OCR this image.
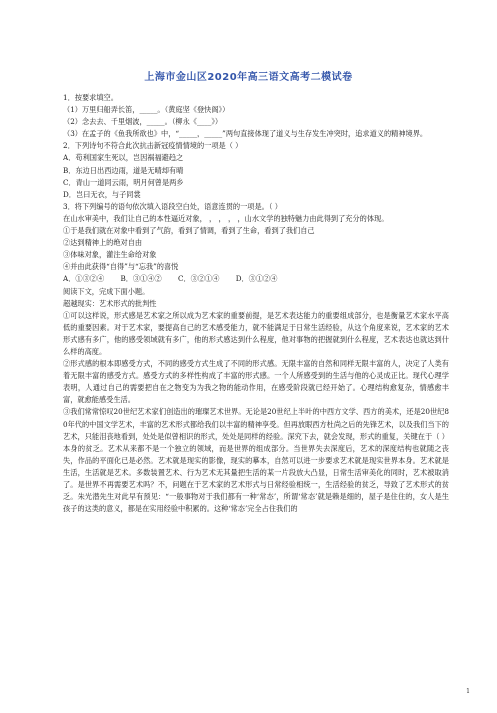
上海市金山区2020年高三语文高考二模试卷
1．按要求填空。
（1）万里归船弄长笛，_____。（黄庭坚《登快阁》）
（2）念去去、千里烟波，_____。（柳永《____》）
（3）在孟子的《鱼我所欲也》中，“_____，_____”两句直接体现了道义与生存发生冲突时，追求道义的精神境界。
2．下列诗句不符合此次抗击新冠疫情情境的一项是（ ）
A．苟利国家生死以，岂因祸福避趋之
B．东边日出西边雨，道是无晴却有晴
C．青山一道同云雨，明月何曾是两乡
D．岂曰无衣，与子同裳
3．将下列编号的语句依次填入语段空白处，语意连贯的一项是。（ ）
在山水审美中，我们让自己的本性逼近对象， ， ， ， ，山水文学的独特魅力由此得到了充分的体现。
①于是我们就在对象中看到了气韵，看到了情调，看到了生命，看到了我们自己
②达到精神上的绝对自由
③体味对象，灌注生命给对象
④并由此获得“自得”与“忘我”的喜悦
A．①③②④ B．③①④② C．③②①④ D．③①②④
阅读下文，完成下面小题。
超越现实：艺术形式的批判性
①可以这样说，形式感是艺术家之所以成为艺术家的重要前提，是艺术表达能力的重要组成部分，也是衡量艺术家水平高低的重要因素。对于艺术家，要提高自己的艺术感受能力，就不能满足于日常生活经验，从这个角度来说，艺术家的艺术形式感有多广，他的感受领域就有多广，他的形式感达到什么程度，他对事物的把握就到什么程度，艺术表达也就达到什么样的高度。
②形式感的根本即感受方式，不同的感受方式生成了不同的形式感。无限丰富的自然和同样无限丰富的人，决定了人类有着无限丰富的感受方式。感受方式的多样性构成了丰富的形式感。一个人所感受到的生活与他的心灵成正比。现代心理学表明，人通过自己的需要把自在之物变为为我之物的能动作用，在感受阶段就已经开始了。心理结构愈复杂，情感愈丰富，就愈能感受生活。
③我们常常惊叹20世纪艺术家们创造出的璀璨艺术世界。无论是20世纪上半叶的中西方文学、西方的美术，还是20世纪80年代的中国文学艺术，丰富的艺术形式都给我们以丰富的精神享受。但再放眼西方杜尚之后的先锋艺术，以及我们当下的艺术，只能泪丧地看到，处处是似曾相识的形式，处处是同样的经验。深究下去，就会发现，形式的重复，关键在于（ ）本身的贫乏。艺术从来都不是一个独立的领域，而是世界的组成部分。当世界失去深度后，艺术的深度结构也就随之丧失，作品的平面化已是必然。艺术就是现实的影像，现实的摹本，自然可以进一步要求艺术就是现实世界本身。艺术就是生活，生活就是艺术。多数装置艺术、行为艺术无其量把生活的某一片段放大凸显，日常生活审美化的同时，艺术被取消了。是世界不再需要艺术吗？不，问题在于艺术家的艺术形式与日常经验相统一，生活经验的贫乏，导致了艺术形式的贫乏。朱光潜先生对此早有预见：“一般事物对于我们都有一种‘常态’，所谓‘常态’就是赖是细的，屋子是住住的，女人是生孩子的这类的意义，都是在实用经验中积累的。这种‘常态’完全占住我们的
1
